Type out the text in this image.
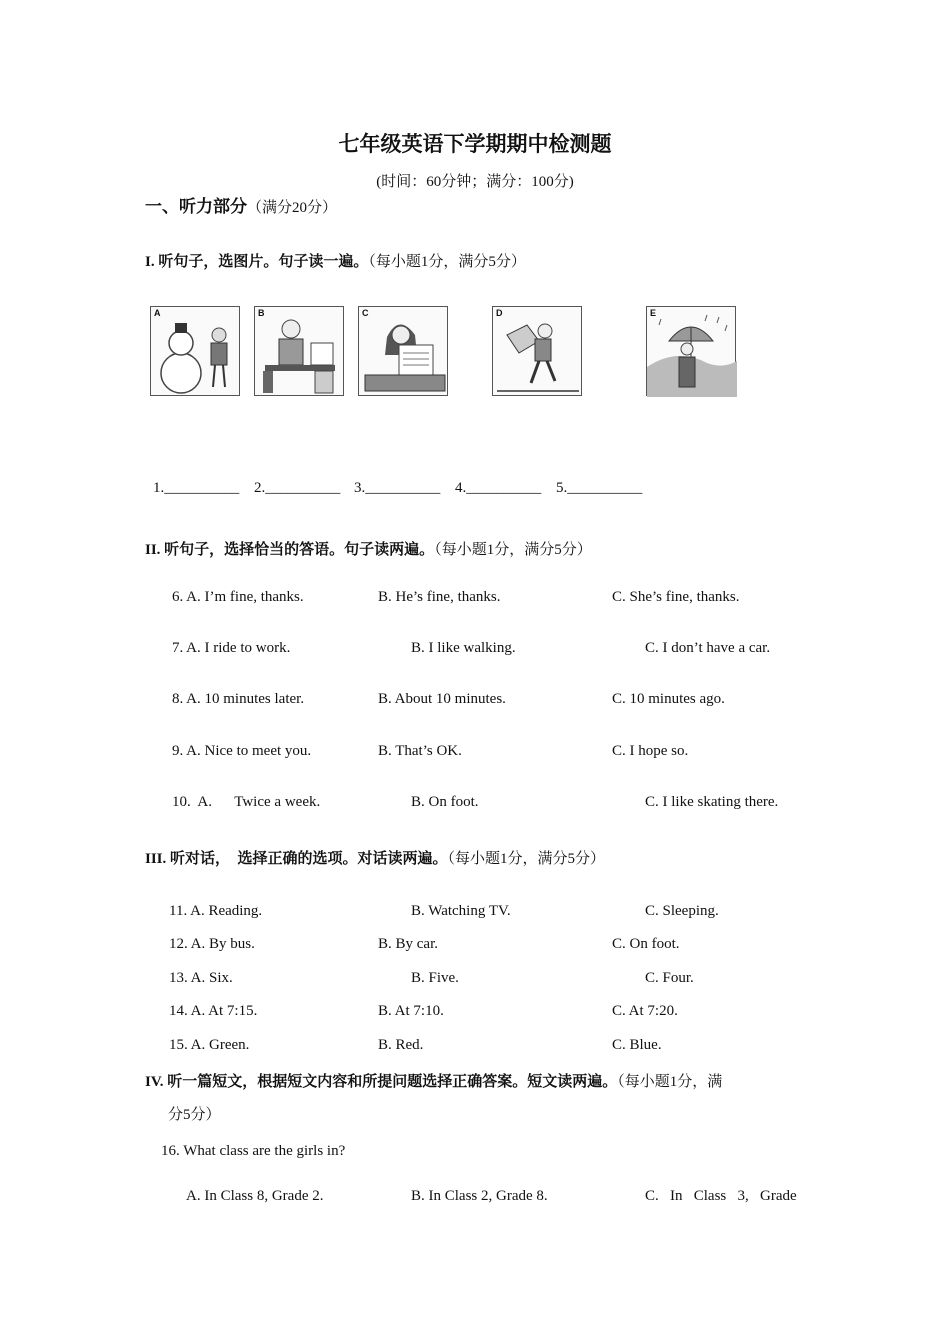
七年级英语下学期期中检测题
(时间：60分钟；满分：100分)
一、听力部分（满分20分）
I. 听句子，选图片。句子读一遍。（每小题1分，满分5分）
A	B	C	D	E
1.__________ 2.__________ 3.__________ 4.__________ 5.__________
II. 听句子，选择恰当的答语。句子读两遍。（每小题1分，满分5分）
6. A. I’m fine, thanks.	B. He’s fine, thanks.	C. She’s fine, thanks.
7. A. I ride to work.	B. I like walking.	C. I don’t have a car.
8. A. 10 minutes later.	B. About 10 minutes.	C. 10 minutes ago.
9. A. Nice to meet you.	B. That’s OK.	C. I hope so.
10.  A.      Twice a week.	B. On foot.	C. I like skating there.
III. 听对话，  选择正确的选项。对话读两遍。（每小题1分，满分5分）
11. A. Reading.	B. Watching TV.	C. Sleeping.
12. A. By bus.	B. By car.	C. On foot.
13. A. Six.	B. Five.	C. Four.
14. A. At 7:15.	B. At 7:10.	C. At 7:20.
15. A. Green.	B. Red.	C. Blue.
IV. 听一篇短文，根据短文内容和所提问题选择正确答案。短文读两遍。（每小题1分，满
分5分）
16. What class are the girls in?
A. In Class 8, Grade 2.	B. In Class 2, Grade 8.	C.   In   Class   3,   Grade
